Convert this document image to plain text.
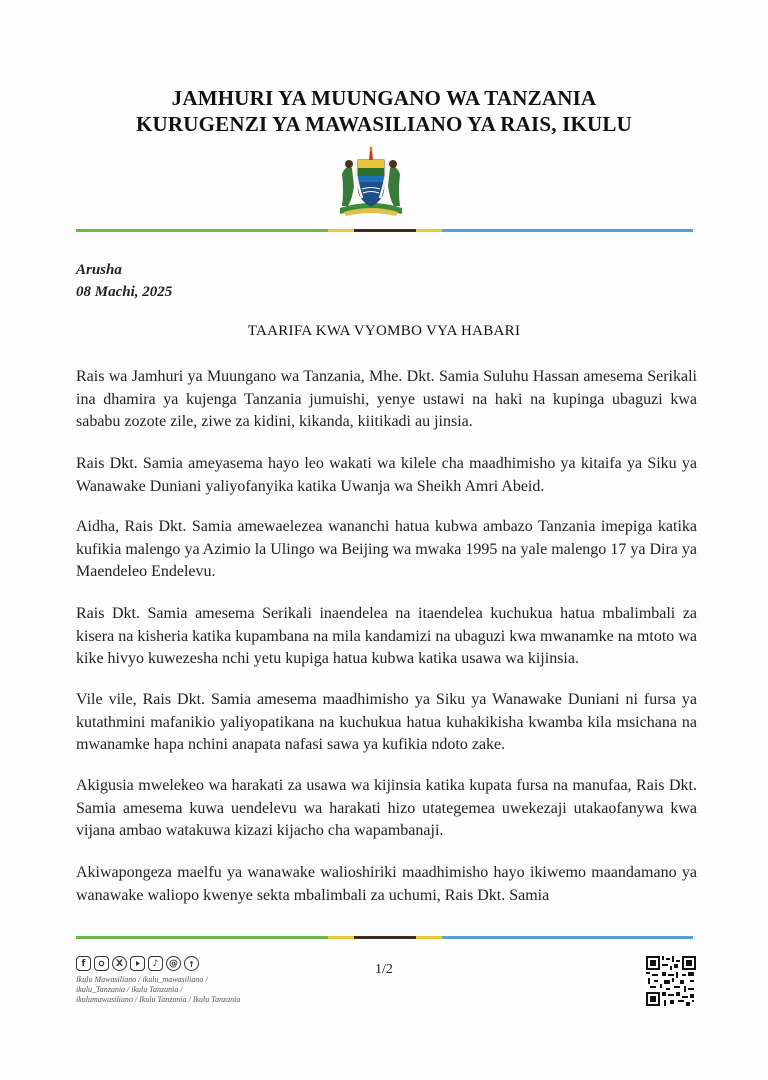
JAMHURI YA MUUNGANO WA TANZANIA
KURUGENZI YA MAWASILIANO YA RAIS, IKULU
Arusha
08 Machi, 2025
TAARIFA KWA VYOMBO VYA HABARI
Rais wa Jamhuri ya Muungano wa Tanzania, Mhe. Dkt. Samia Suluhu Hassan amesema Serikali ina dhamira ya kujenga Tanzania jumuishi, yenye ustawi na haki na kupinga ubaguzi kwa sababu zozote zile, ziwe za kidini, kikanda, kiitikadi au jinsia.
Rais Dkt. Samia ameyasema hayo leo wakati wa kilele cha maadhimisho ya kitaifa ya Siku ya Wanawake Duniani yaliyofanyika katika Uwanja wa Sheikh Amri Abeid.
Aidha, Rais Dkt. Samia amewaelezea wananchi hatua kubwa ambazo Tanzania imepiga katika kufikia malengo ya Azimio la Ulingo wa Beijing wa mwaka 1995 na yale malengo 17 ya Dira ya Maendeleo Endelevu.
Rais Dkt. Samia amesema Serikali inaendelea na itaendelea kuchukua hatua mbalimbali za kisera na kisheria katika kupambana na mila kandamizi na ubaguzi kwa mwanamke na mtoto wa kike hivyo kuwezesha nchi yetu kupiga hatua kubwa katika usawa wa kijinsia.
Vile vile, Rais Dkt. Samia amesema maadhimisho ya Siku ya Wanawake Duniani ni fursa ya kutathmini mafanikio yaliyopatikana na kuchukua hatua kuhakikisha kwamba kila msichana na mwanamke hapa nchini anapata nafasi sawa ya kufikia ndoto zake.
Akigusia mwelekeo wa harakati za usawa wa kijinsia katika kupata fursa na manufaa, Rais Dkt. Samia amesema kuwa uendelevu wa harakati hizo utategemea uwekezaji utakaofanywa kwa vijana ambao watakuwa kizazi kijacho cha wapambanaji.
Akiwapongeza maelfu ya wanawake walioshiriki maadhimisho hayo ikiwemo maandamano ya wanawake waliopo kwenye sekta mbalimbali za uchumi, Rais Dkt. Samia
f	X	♪	@
Ikulu Mawasiliano / ikulu_mawasiliano /
ikulu_Tanzania / ikulu Tanzania /
ikulumawasiliano / Ikulu Tanzania / Ikulu Tanzania
1/2
